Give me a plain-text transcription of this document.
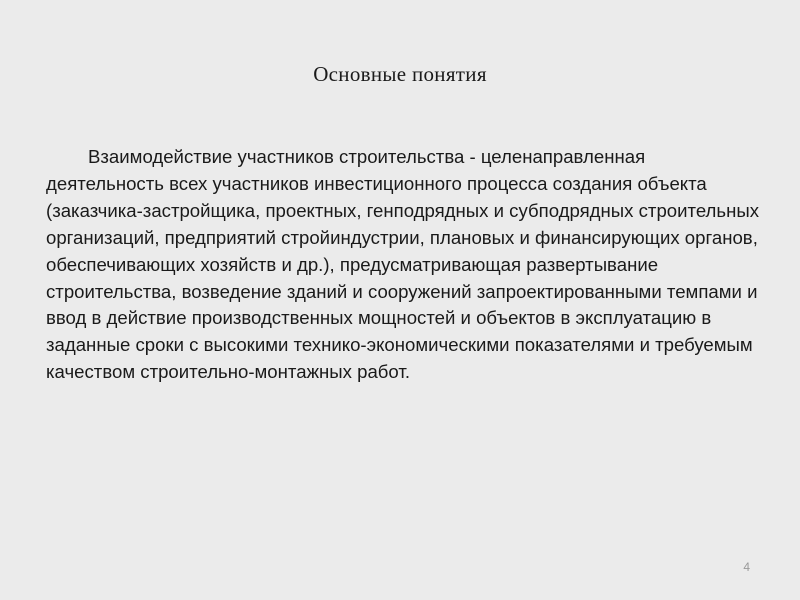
Основные понятия

Взаимодействие участников строительства - целенаправленная деятельность всех участников инвестиционного процесса создания объекта (заказчика-застройщика, проектных, генподрядных и субподрядных строительных организаций, предприятий стройиндустрии, плановых и финансирующих органов, обеспечивающих хозяйств и др.), предусматривающая развертывание строительства, возведение зданий и сооружений запроектированными темпами и ввод в действие производственных мощностей и объектов в эксплуатацию в заданные сроки с высокими технико-экономическими показателями и требуемым качеством строительно-монтажных работ.

4
